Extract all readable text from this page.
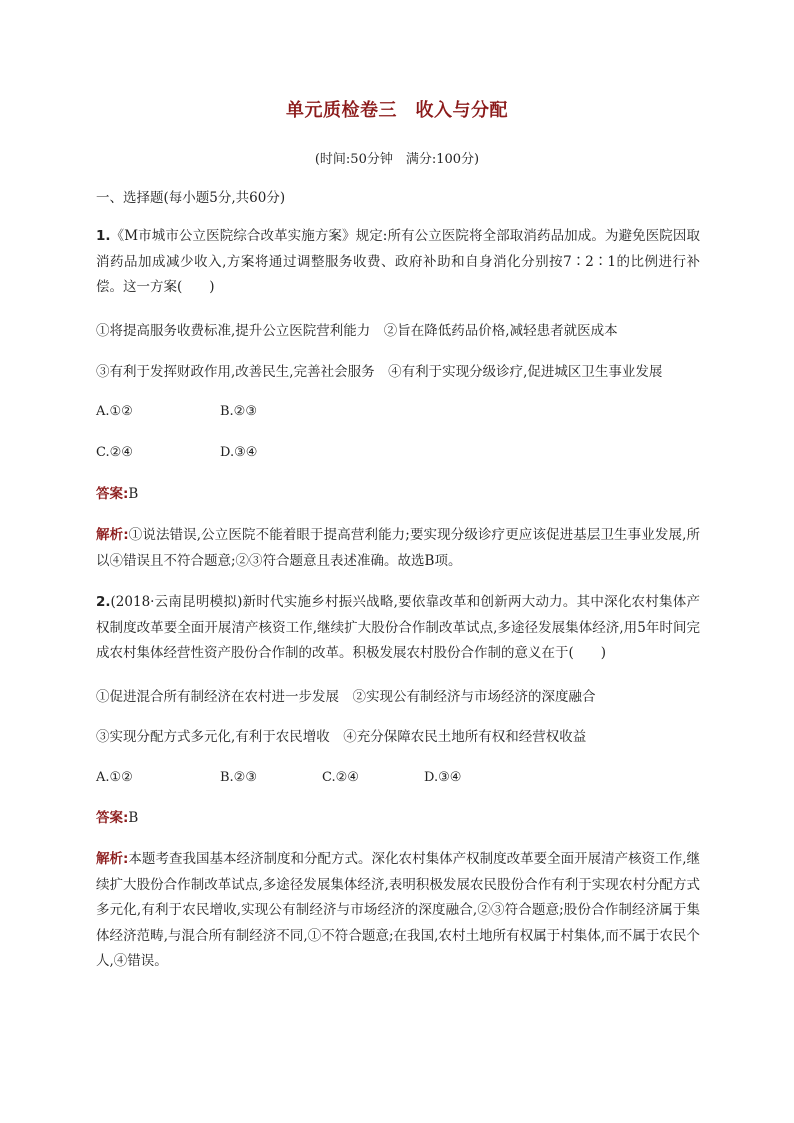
单元质检卷三　收入与分配
(时间:50分钟　满分:100分)
一、选择题(每小题5分,共60分)
1.《M市城市公立医院综合改革实施方案》规定:所有公立医院将全部取消药品加成。为避免医院因取消药品加成减少收入,方案将通过调整服务收费、政府补助和自身消化分别按7∶2∶1的比例进行补偿。这一方案(　　)
①将提高服务收费标准,提升公立医院营利能力　②旨在降低药品价格,减轻患者就医成本
③有利于发挥财政作用,改善民生,完善社会服务　④有利于实现分级诊疗,促进城区卫生事业发展
A.①②	B.②③
C.②④	D.③④
答案:B
解析:①说法错误,公立医院不能着眼于提高营利能力;要实现分级诊疗更应该促进基层卫生事业发展,所以④错误且不符合题意;②③符合题意且表述准确。故选B项。
2.(2018·云南昆明模拟)新时代实施乡村振兴战略,要依靠改革和创新两大动力。其中深化农村集体产权制度改革要全面开展清产核资工作,继续扩大股份合作制改革试点,多途径发展集体经济,用5年时间完成农村集体经营性资产股份合作制的改革。积极发展农村股份合作制的意义在于(　　)
①促进混合所有制经济在农村进一步发展　②实现公有制经济与市场经济的深度融合
③实现分配方式多元化,有利于农民增收　④充分保障农民土地所有权和经营权收益
A.①②	B.②③	C.②④	D.③④
答案:B
解析:本题考查我国基本经济制度和分配方式。深化农村集体产权制度改革要全面开展清产核资工作,继续扩大股份合作制改革试点,多途径发展集体经济,表明积极发展农民股份合作有利于实现农村分配方式多元化,有利于农民增收,实现公有制经济与市场经济的深度融合,②③符合题意;股份合作制经济属于集体经济范畴,与混合所有制经济不同,①不符合题意;在我国,农村土地所有权属于村集体,而不属于农民个人,④错误。
